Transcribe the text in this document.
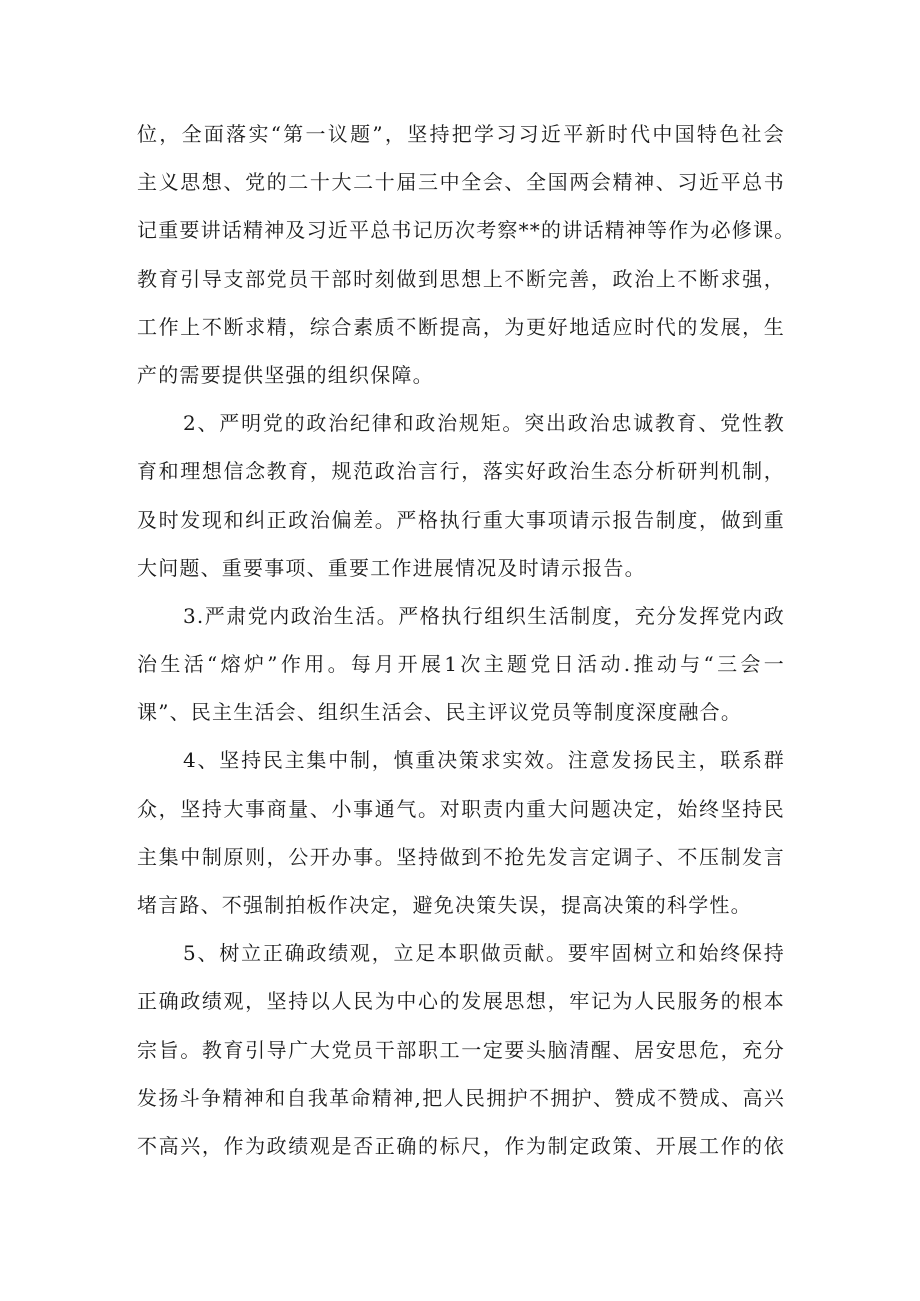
位，全面落实“第一议题”，坚持把学习习近平新时代中国特色社会
主义思想、党的二十大二十届三中全会、全国两会精神、习近平总书
记重要讲话精神及习近平总书记历次考察**的讲话精神等作为必修课。
教育引导支部党员干部时刻做到思想上不断完善，政治上不断求强，
工作上不断求精，综合素质不断提高，为更好地适应时代的发展，生
产的需要提供坚强的组织保障。
2、严明党的政治纪律和政治规矩。突出政治忠诚教育、党性教
育和理想信念教育，规范政治言行，落实好政治生态分析研判机制，
及时发现和纠正政治偏差。严格执行重大事项请示报告制度，做到重
大问题、重要事项、重要工作进展情况及时请示报告。
3.严肃党内政治生活。严格执行组织生活制度，充分发挥党内政
治生活“熔炉”作用。每月开展1次主题党日活动.推动与“三会一
课”、民主生活会、组织生活会、民主评议党员等制度深度融合。
4、坚持民主集中制，慎重决策求实效。注意发扬民主，联系群
众，坚持大事商量、小事通气。对职责内重大问题决定，始终坚持民
主集中制原则，公开办事。坚持做到不抢先发言定调子、不压制发言
堵言路、不强制拍板作决定，避免决策失误，提高决策的科学性。
5、树立正确政绩观，立足本职做贡献。要牢固树立和始终保持
正确政绩观，坚持以人民为中心的发展思想，牢记为人民服务的根本
宗旨。教育引导广大党员干部职工一定要头脑清醒、居安思危，充分
发扬斗争精神和自我革命精神,把人民拥护不拥护、赞成不赞成、高兴
不高兴，作为政绩观是否正确的标尺，作为制定政策、开展工作的依
